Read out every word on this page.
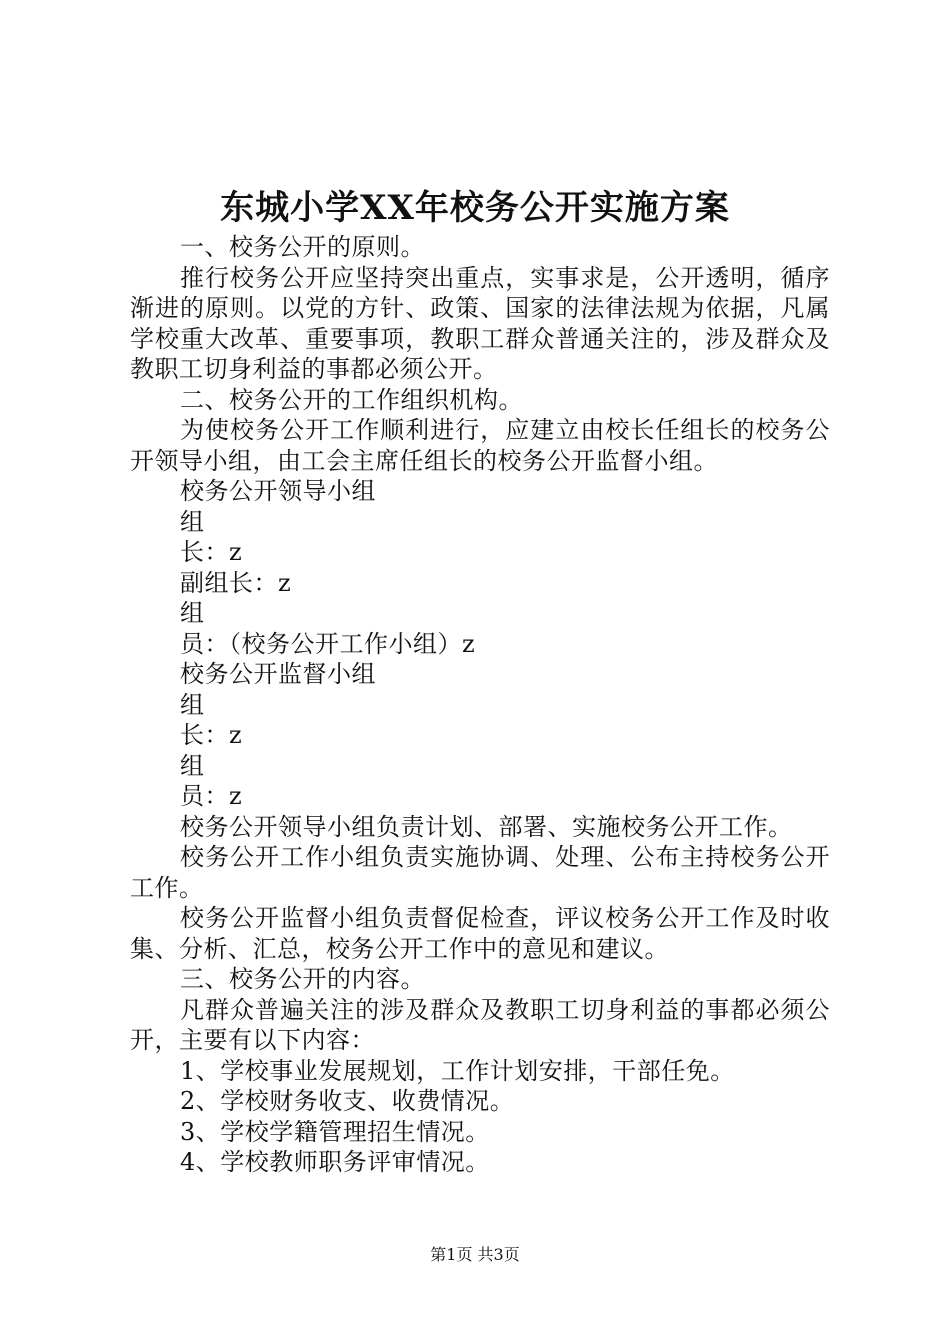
东城小学XX年校务公开实施方案

一、校务公开的原则。

推行校务公开应坚持突出重点，实事求是，公开透明，循序渐进的原则。以党的方针、政策、国家的法律法规为依据，凡属学校重大改革、重要事项，教职工群众普通关注的，涉及群众及教职工切身利益的事都必须公开。

二、校务公开的工作组织机构。

为使校务公开工作顺利进行，应建立由校长任组长的校务公开领导小组，由工会主席任组长的校务公开监督小组。

校务公开领导小组

组

长：z

副组长：z

组

员：（校务公开工作小组）z

校务公开监督小组

组

长：z

组

员：z

校务公开领导小组负责计划、部署、实施校务公开工作。

校务公开工作小组负责实施协调、处理、公布主持校务公开工作。

校务公开监督小组负责督促检查，评议校务公开工作及时收集、分析、汇总，校务公开工作中的意见和建议。

三、校务公开的内容。

凡群众普遍关注的涉及群众及教职工切身利益的事都必须公开，主要有以下内容：

1、学校事业发展规划，工作计划安排，干部任免。

2、学校财务收支、收费情况。

3、学校学籍管理招生情况。

4、学校教师职务评审情况。

第1页 共3页
